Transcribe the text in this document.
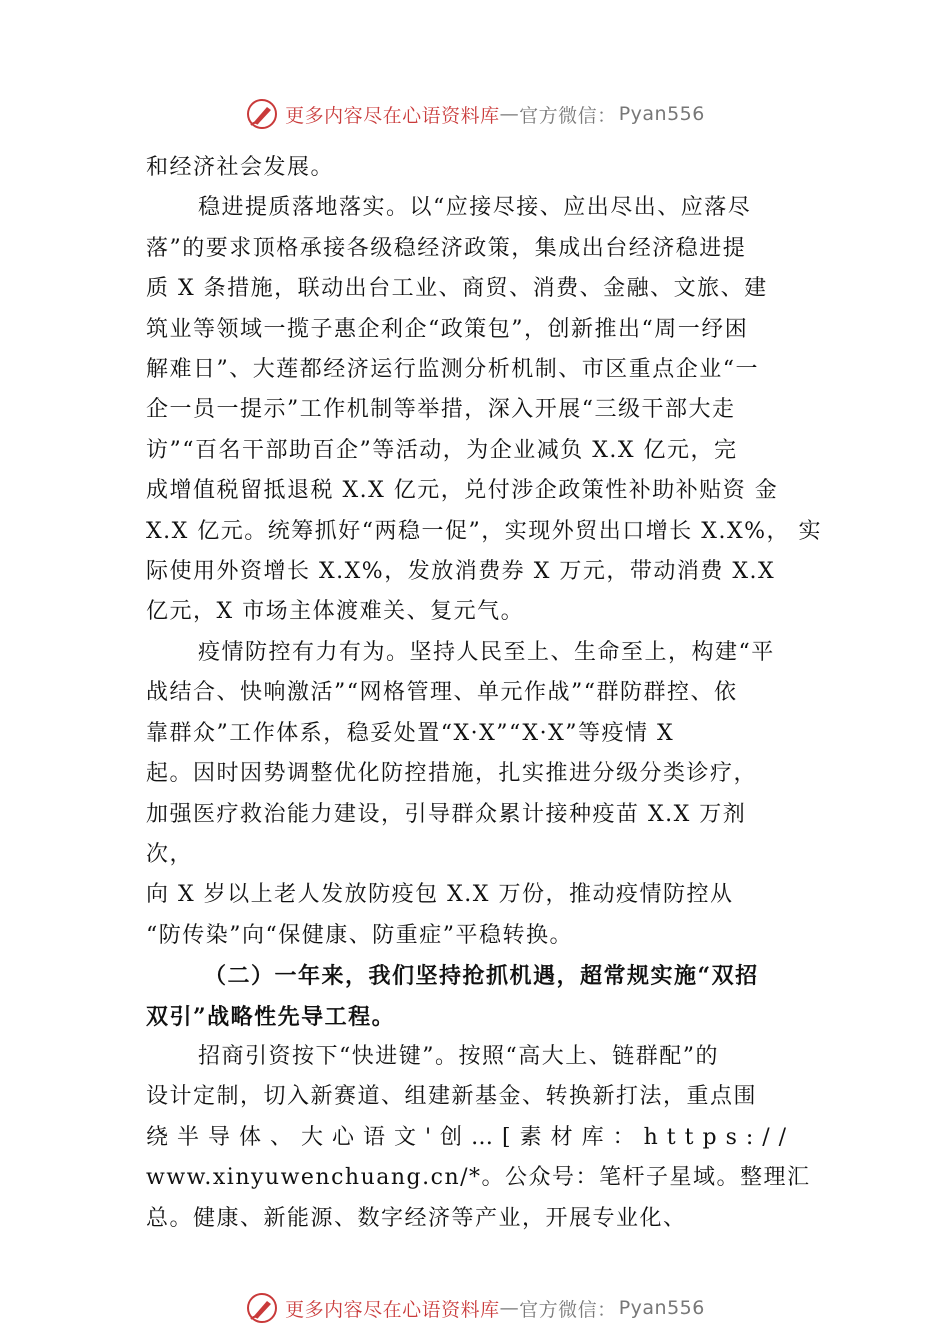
更多内容尽在心语资料库 — 官方微信： Pyan556

和经济社会发展。

稳进提质落地落实。以“应接尽接、应出尽出、应落尽

落”的要求顶格承接各级稳经济政策，集成出台经济稳进提

质 X 条措施，联动出台工业、商贸、消费、金融、文旅、建

筑业等领域一揽子惠企利企“政策包”，创新推出“周一纾困

解难日”、大莲都经济运行监测分析机制、市区重点企业“一

企一员一提示”工作机制等举措，深入开展“三级干部大走

访”“百名干部助百企”等活动，为企业减负 X.X 亿元，完

成增值税留抵退税 X.X 亿元，兑付涉企政策性补助补贴资 金

X.X 亿元。统筹抓好“两稳一促”，实现外贸出口增长 X.X%， 实

际使用外资增长 X.X%，发放消费券 X 万元，带动消费 X.X

亿元，X 市场主体渡难关、复元气。

疫情防控有力有为。坚持人民至上、生命至上，构建“平

战结合、快响激活”“网格管理、单元作战”“群防群控、依

靠群众”工作体系，稳妥处置“X·X”“X·X”等疫情 X

起。因时因势调整优化防控措施，扎实推进分级分类诊疗，

加强医疗救治能力建设，引导群众累计接种疫苗 X.X 万剂

次，

向 X 岁以上老人发放防疫包 X.X 万份，推动疫情防控从

“防传染”向“保健康、防重症”平稳转换。

（二）一年来，我们坚持抢抓机遇，超常规实施“双招

双引”战略性先导工程。

招商引资按下“快进键”。按照“高大上、链群配”的

设计定制，切入新赛道、组建新基金、转换新打法，重点围

绕半导体、大心语文'创…[素材库：https://

www.xinyuwenchuang.cn/*。公众号：笔杆子星域。整理汇

总。健康、新能源、数字经济等产业，开展专业化、

更多内容尽在心语资料库 — 官方微信： Pyan556
